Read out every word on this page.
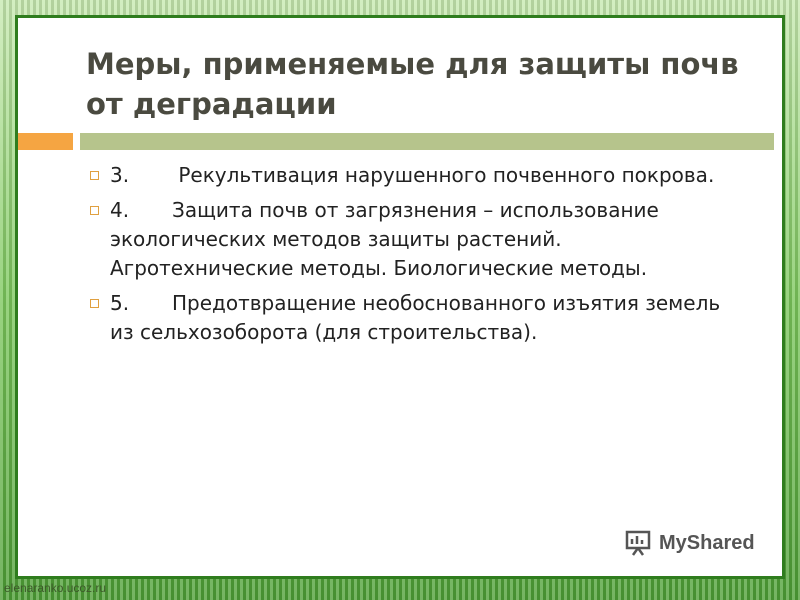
Меры, применяемые для защиты почв от деградации
3. Рекультивация нарушенного почвенного покрова.
4. Защита почв от загрязнения – использование экологических методов защиты растений. Агротехнические методы. Биологические методы.
5. Предотвращение необоснованного изъятия земель из сельхозоборота (для строительства).
MyShared
elenaranko.ucoz.ru
